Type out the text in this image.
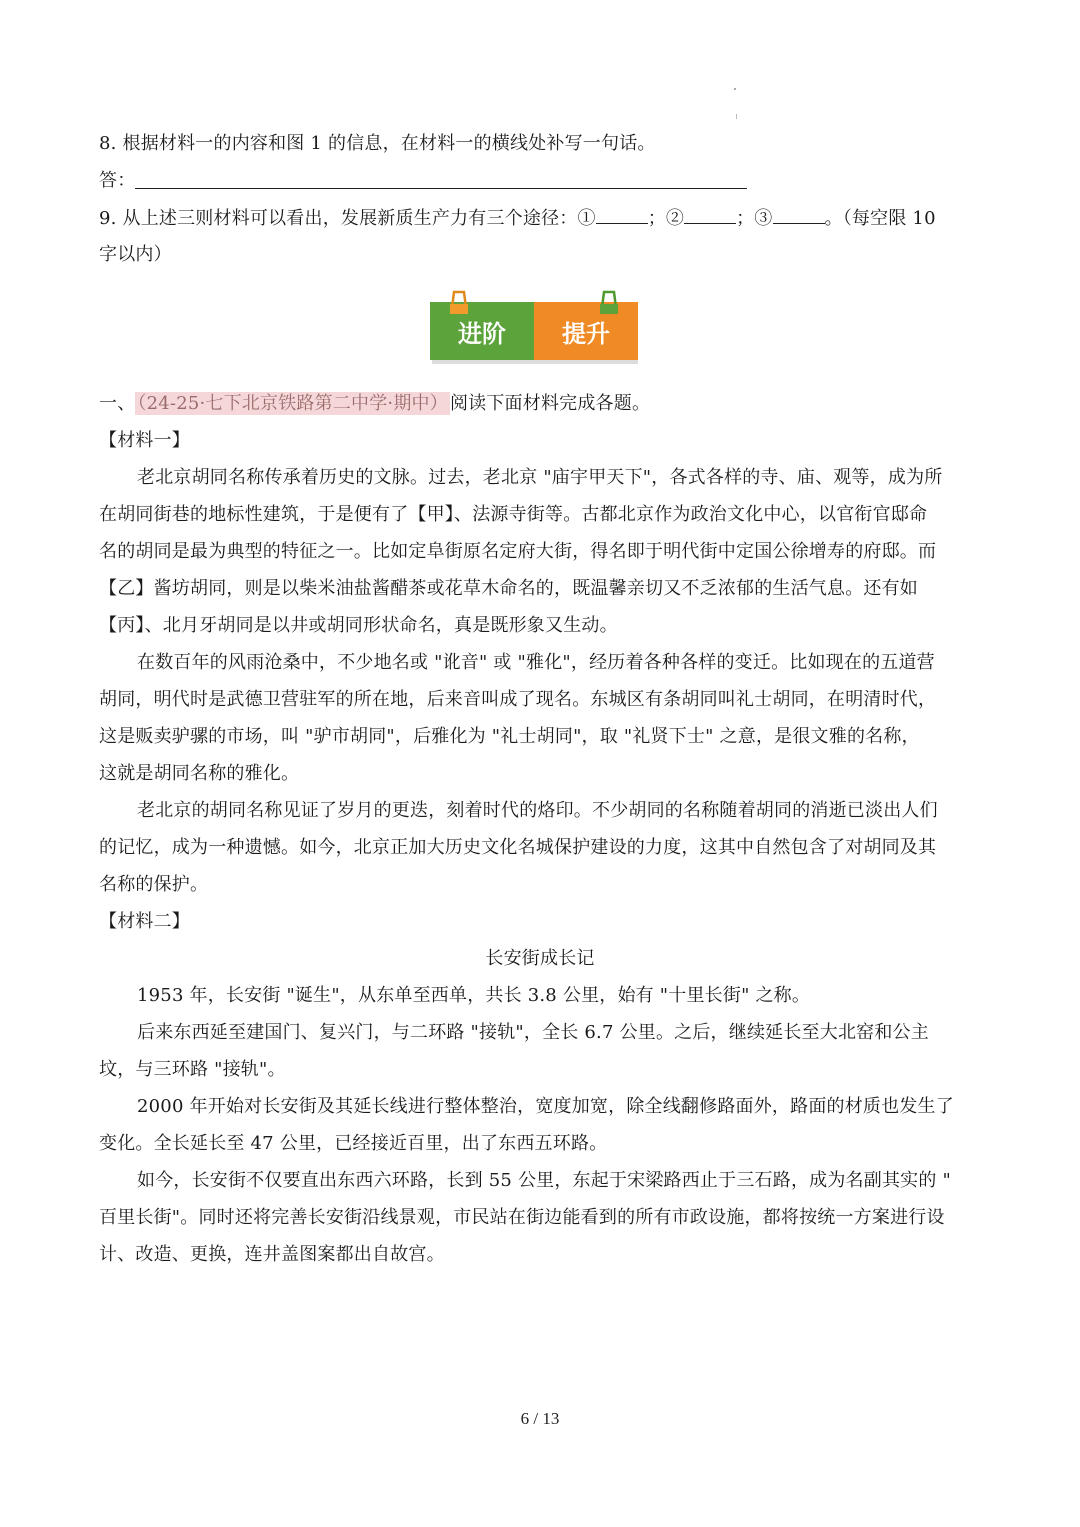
8. 根据材料一的内容和图 1 的信息，在材料一的横线处补写一句话。
答：
9. 从上述三则材料可以看出，发展新质生产力有三个途径：①	；②	；③	。（每空限 10
字以内）
进阶 提升
一、 （24-25·七下北京铁路第二中学·期中） 阅读下面材料完成各题。
【材料一】
老北京胡同名称传承着历史的文脉。过去，老北京 "庙宇甲天下"，各式各样的寺、庙、观等，成为所
在胡同街巷的地标性建筑，于是便有了【甲】、法源寺街等。古都北京作为政治文化中心，以官衔官邸命
名的胡同是最为典型的特征之一。比如定阜街原名定府大街，得名即于明代街中定国公徐增寿的府邸。而
【乙】酱坊胡同，则是以柴米油盐酱醋茶或花草木命名的，既温馨亲切又不乏浓郁的生活气息。还有如
【丙】、北月牙胡同是以井或胡同形状命名，真是既形象又生动。
在数百年的风雨沧桑中，不少地名或 "讹音" 或 "雅化"，经历着各种各样的变迁。比如现在的五道营
胡同，明代时是武德卫营驻军的所在地，后来音叫成了现名。东城区有条胡同叫礼士胡同，在明清时代，
这是贩卖驴骡的市场，叫 "驴市胡同"，后雅化为 "礼士胡同"，取 "礼贤下士" 之意，是很文雅的名称，
这就是胡同名称的雅化。
老北京的胡同名称见证了岁月的更迭，刻着时代的烙印。不少胡同的名称随着胡同的消逝已淡出人们
的记忆，成为一种遗憾。如今，北京正加大历史文化名城保护建设的力度，这其中自然包含了对胡同及其
名称的保护。
【材料二】
长安街成长记
1953 年，长安街 "诞生"，从东单至西单，共长 3.8 公里，始有 "十里长街" 之称。
后来东西延至建国门、复兴门，与二环路 "接轨"，全长 6.7 公里。之后，继续延长至大北窑和公主
坟，与三环路 "接轨"。
2000 年开始对长安街及其延长线进行整体整治，宽度加宽，除全线翻修路面外，路面的材质也发生了
变化。全长延长至 47 公里，已经接近百里，出了东西五环路。
如今，长安街不仅要直出东西六环路，长到 55 公里，东起于宋梁路西止于三石路，成为名副其实的 "
百里长街"。同时还将完善长安街沿线景观，市民站在街边能看到的所有市政设施，都将按统一方案进行设
计、改造、更换，连井盖图案都出自故宫。
6 / 13
